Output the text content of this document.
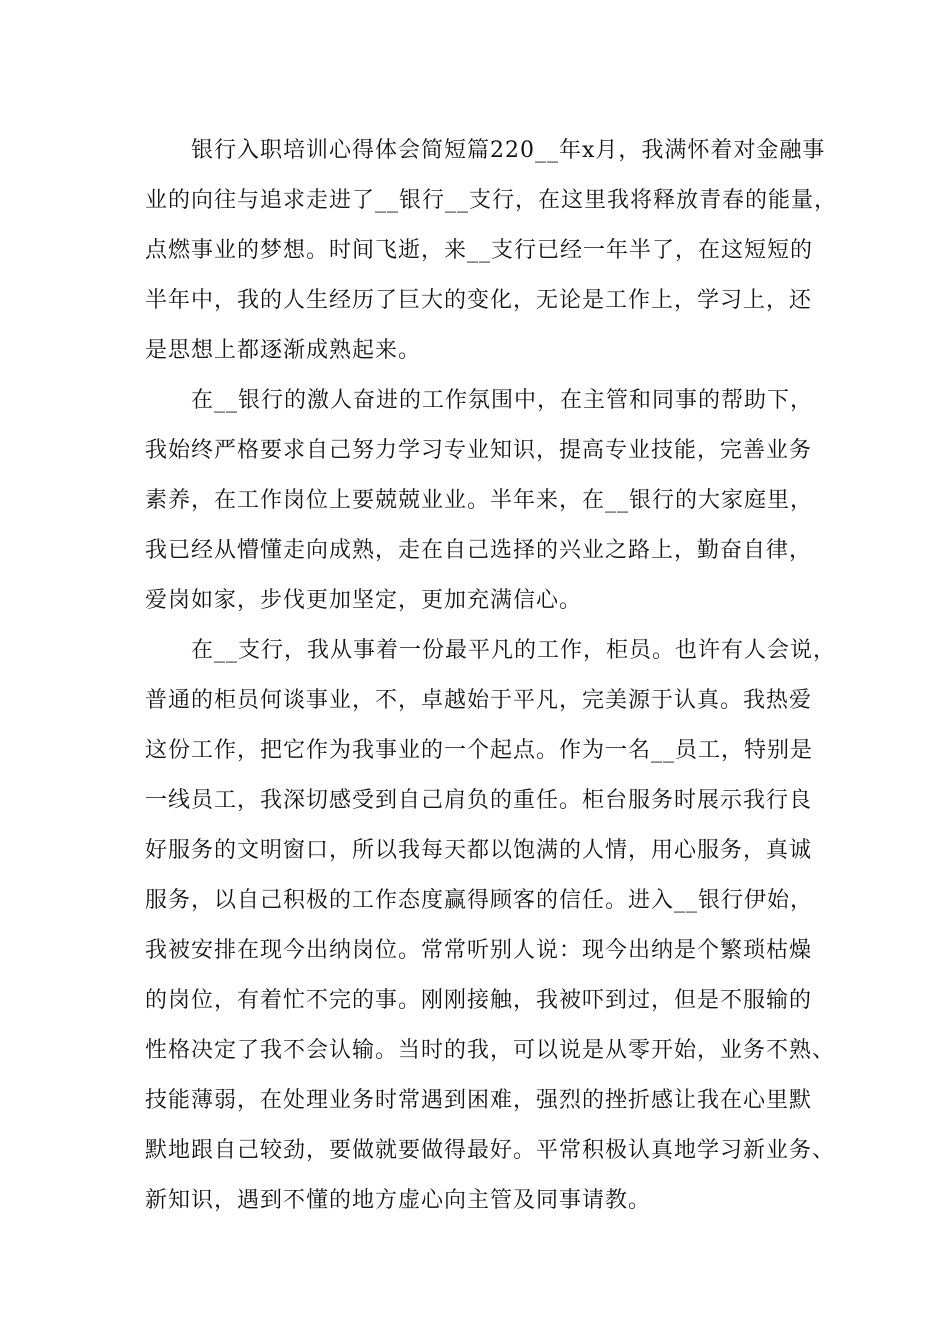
银行入职培训心得体会简短篇220__年x月，我满怀着对金融事
业的向往与追求走进了__银行__支行，在这里我将释放青春的能量，
点燃事业的梦想。时间飞逝，来__支行已经一年半了，在这短短的
半年中，我的人生经历了巨大的变化，无论是工作上，学习上，还
是思想上都逐渐成熟起来。
在__银行的激人奋进的工作氛围中，在主管和同事的帮助下，
我始终严格要求自己努力学习专业知识，提高专业技能，完善业务
素养，在工作岗位上要兢兢业业。半年来，在__银行的大家庭里，
我已经从懵懂走向成熟，走在自己选择的兴业之路上，勤奋自律，
爱岗如家，步伐更加坚定，更加充满信心。
在__支行，我从事着一份最平凡的工作，柜员。也许有人会说，
普通的柜员何谈事业，不，卓越始于平凡，完美源于认真。我热爱
这份工作，把它作为我事业的一个起点。作为一名__员工，特别是
一线员工，我深切感受到自己肩负的重任。柜台服务时展示我行良
好服务的文明窗口，所以我每天都以饱满的人情，用心服务，真诚
服务，以自己积极的工作态度赢得顾客的信任。进入__银行伊始，
我被安排在现今出纳岗位。常常听别人说：现今出纳是个繁琐枯燥
的岗位，有着忙不完的事。刚刚接触，我被吓到过，但是不服输的
性格决定了我不会认输。当时的我，可以说是从零开始，业务不熟、
技能薄弱，在处理业务时常遇到困难，强烈的挫折感让我在心里默
默地跟自己较劲，要做就要做得最好。平常积极认真地学习新业务、
新知识，遇到不懂的地方虚心向主管及同事请教。
